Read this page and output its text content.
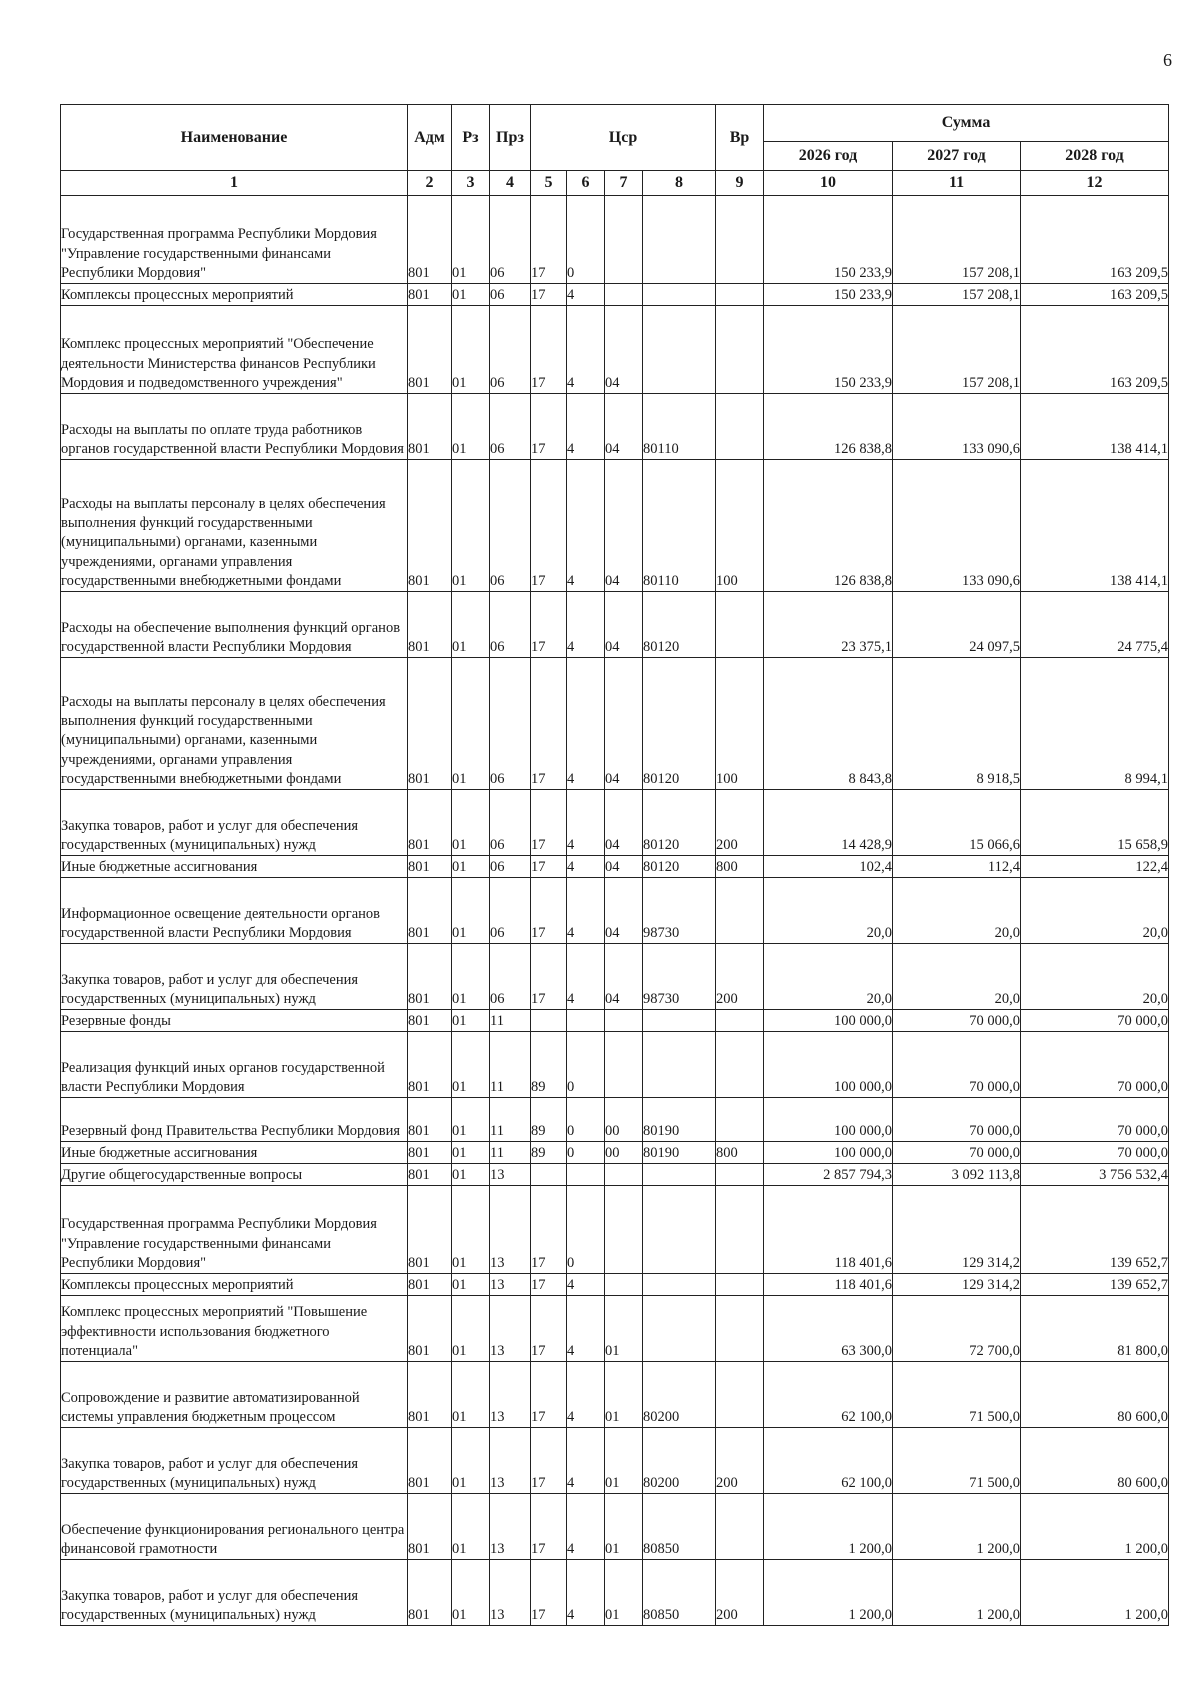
6
Наименование	Адм	Рз	Прз	Цср				Вр	Сумма		
									2026 год	2027 год	2028 год
1	2	3	4	5	6	7	8	9	10	11	12
Государственная программа Республики Мордовия "Управление государственными финансами Республики Мордовия"	801	01	06	17	0				150 233,9	157 208,1	163 209,5
Комплексы процессных мероприятий	801	01	06	17	4				150 233,9	157 208,1	163 209,5
Комплекс процессных мероприятий "Обеспечение деятельности Министерства финансов Республики Мордовия и подведомственного учреждения"	801	01	06	17	4	04			150 233,9	157 208,1	163 209,5
Расходы на выплаты по оплате труда работников органов государственной власти Республики Мордовия	801	01	06	17	4	04	80110		126 838,8	133 090,6	138 414,1
Расходы на выплаты персоналу в целях обеспечения выполнения функций государственными (муниципальными) органами, казенными учреждениями, органами управления государственными внебюджетными фондами	801	01	06	17	4	04	80110	100	126 838,8	133 090,6	138 414,1
Расходы на обеспечение выполнения функций органов государственной власти Республики Мордовия	801	01	06	17	4	04	80120		23 375,1	24 097,5	24 775,4
Расходы на выплаты персоналу в целях обеспечения выполнения функций государственными (муниципальными) органами, казенными учреждениями, органами управления государственными внебюджетными фондами	801	01	06	17	4	04	80120	100	8 843,8	8 918,5	8 994,1
Закупка товаров, работ и услуг для обеспечения государственных (муниципальных) нужд	801	01	06	17	4	04	80120	200	14 428,9	15 066,6	15 658,9
Иные бюджетные ассигнования	801	01	06	17	4	04	80120	800	102,4	112,4	122,4
Информационное освещение деятельности органов государственной власти Республики Мордовия	801	01	06	17	4	04	98730		20,0	20,0	20,0
Закупка товаров, работ и услуг для обеспечения государственных (муниципальных) нужд	801	01	06	17	4	04	98730	200	20,0	20,0	20,0
Резервные фонды	801	01	11						100 000,0	70 000,0	70 000,0
Реализация функций иных органов государственной власти Республики Мордовия	801	01	11	89	0				100 000,0	70 000,0	70 000,0
Резервный фонд Правительства Республики Мордовия	801	01	11	89	0	00	80190		100 000,0	70 000,0	70 000,0
Иные бюджетные ассигнования	801	01	11	89	0	00	80190	800	100 000,0	70 000,0	70 000,0
Другие общегосударственные вопросы	801	01	13						2 857 794,3	3 092 113,8	3 756 532,4
Государственная программа Республики Мордовия "Управление государственными финансами Республики Мордовия"	801	01	13	17	0				118 401,6	129 314,2	139 652,7
Комплексы процессных мероприятий	801	01	13	17	4				118 401,6	129 314,2	139 652,7
Комплекс процессных мероприятий "Повышение эффективности использования бюджетного потенциала"	801	01	13	17	4	01			63 300,0	72 700,0	81 800,0
Сопровождение и развитие автоматизированной системы управления бюджетным процессом	801	01	13	17	4	01	80200		62 100,0	71 500,0	80 600,0
Закупка товаров, работ и услуг для обеспечения государственных (муниципальных) нужд	801	01	13	17	4	01	80200	200	62 100,0	71 500,0	80 600,0
Обеспечение функционирования регионального центра финансовой грамотности	801	01	13	17	4	01	80850		1 200,0	1 200,0	1 200,0
Закупка товаров, работ и услуг для обеспечения государственных (муниципальных) нужд	801	01	13	17	4	01	80850	200	1 200,0	1 200,0	1 200,0
